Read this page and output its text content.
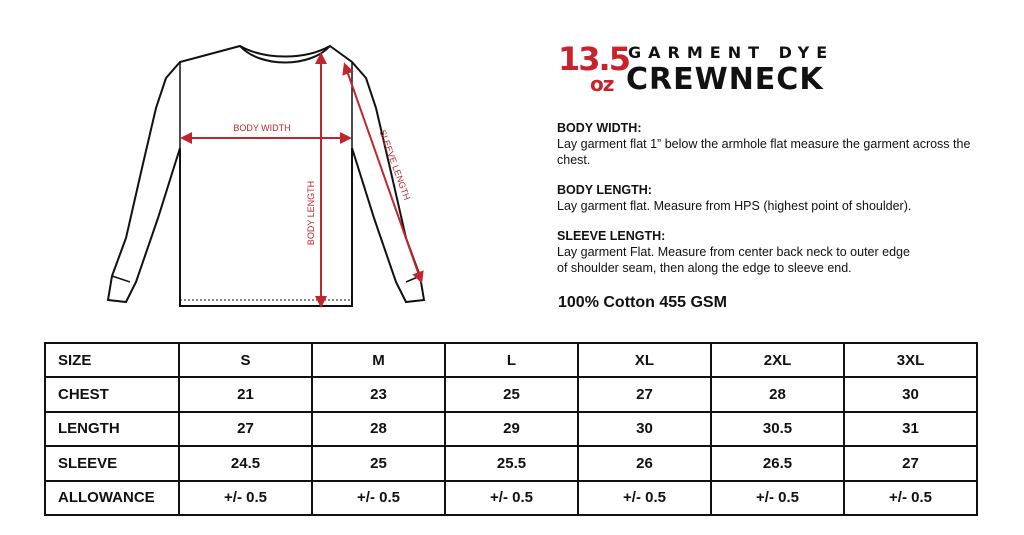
BODY WIDTH
BODY LENGTH
SLEEVE LENGTH
13.5
oz
GARMENT DYE
CREWNECK
BODY WIDTH:
Lay garment flat 1” below the armhole flat measure the garment across the chest.
BODY LENGTH:
Lay garment flat. Measure from HPS (highest point of shoulder).
SLEEVE LENGTH:
Lay garment Flat. Measure from center back neck to outer edge of shoulder seam, then along the edge to sleeve end.
100% Cotton 455 GSM
SIZE	S	M	L	XL	2XL	3XL
CHEST	21	23	25	27	28	30
LENGTH	27	28	29	30	30.5	31
SLEEVE	24.5	25	25.5	26	26.5	27
ALLOWANCE	+/- 0.5	+/- 0.5	+/- 0.5	+/- 0.5	+/- 0.5	+/- 0.5
